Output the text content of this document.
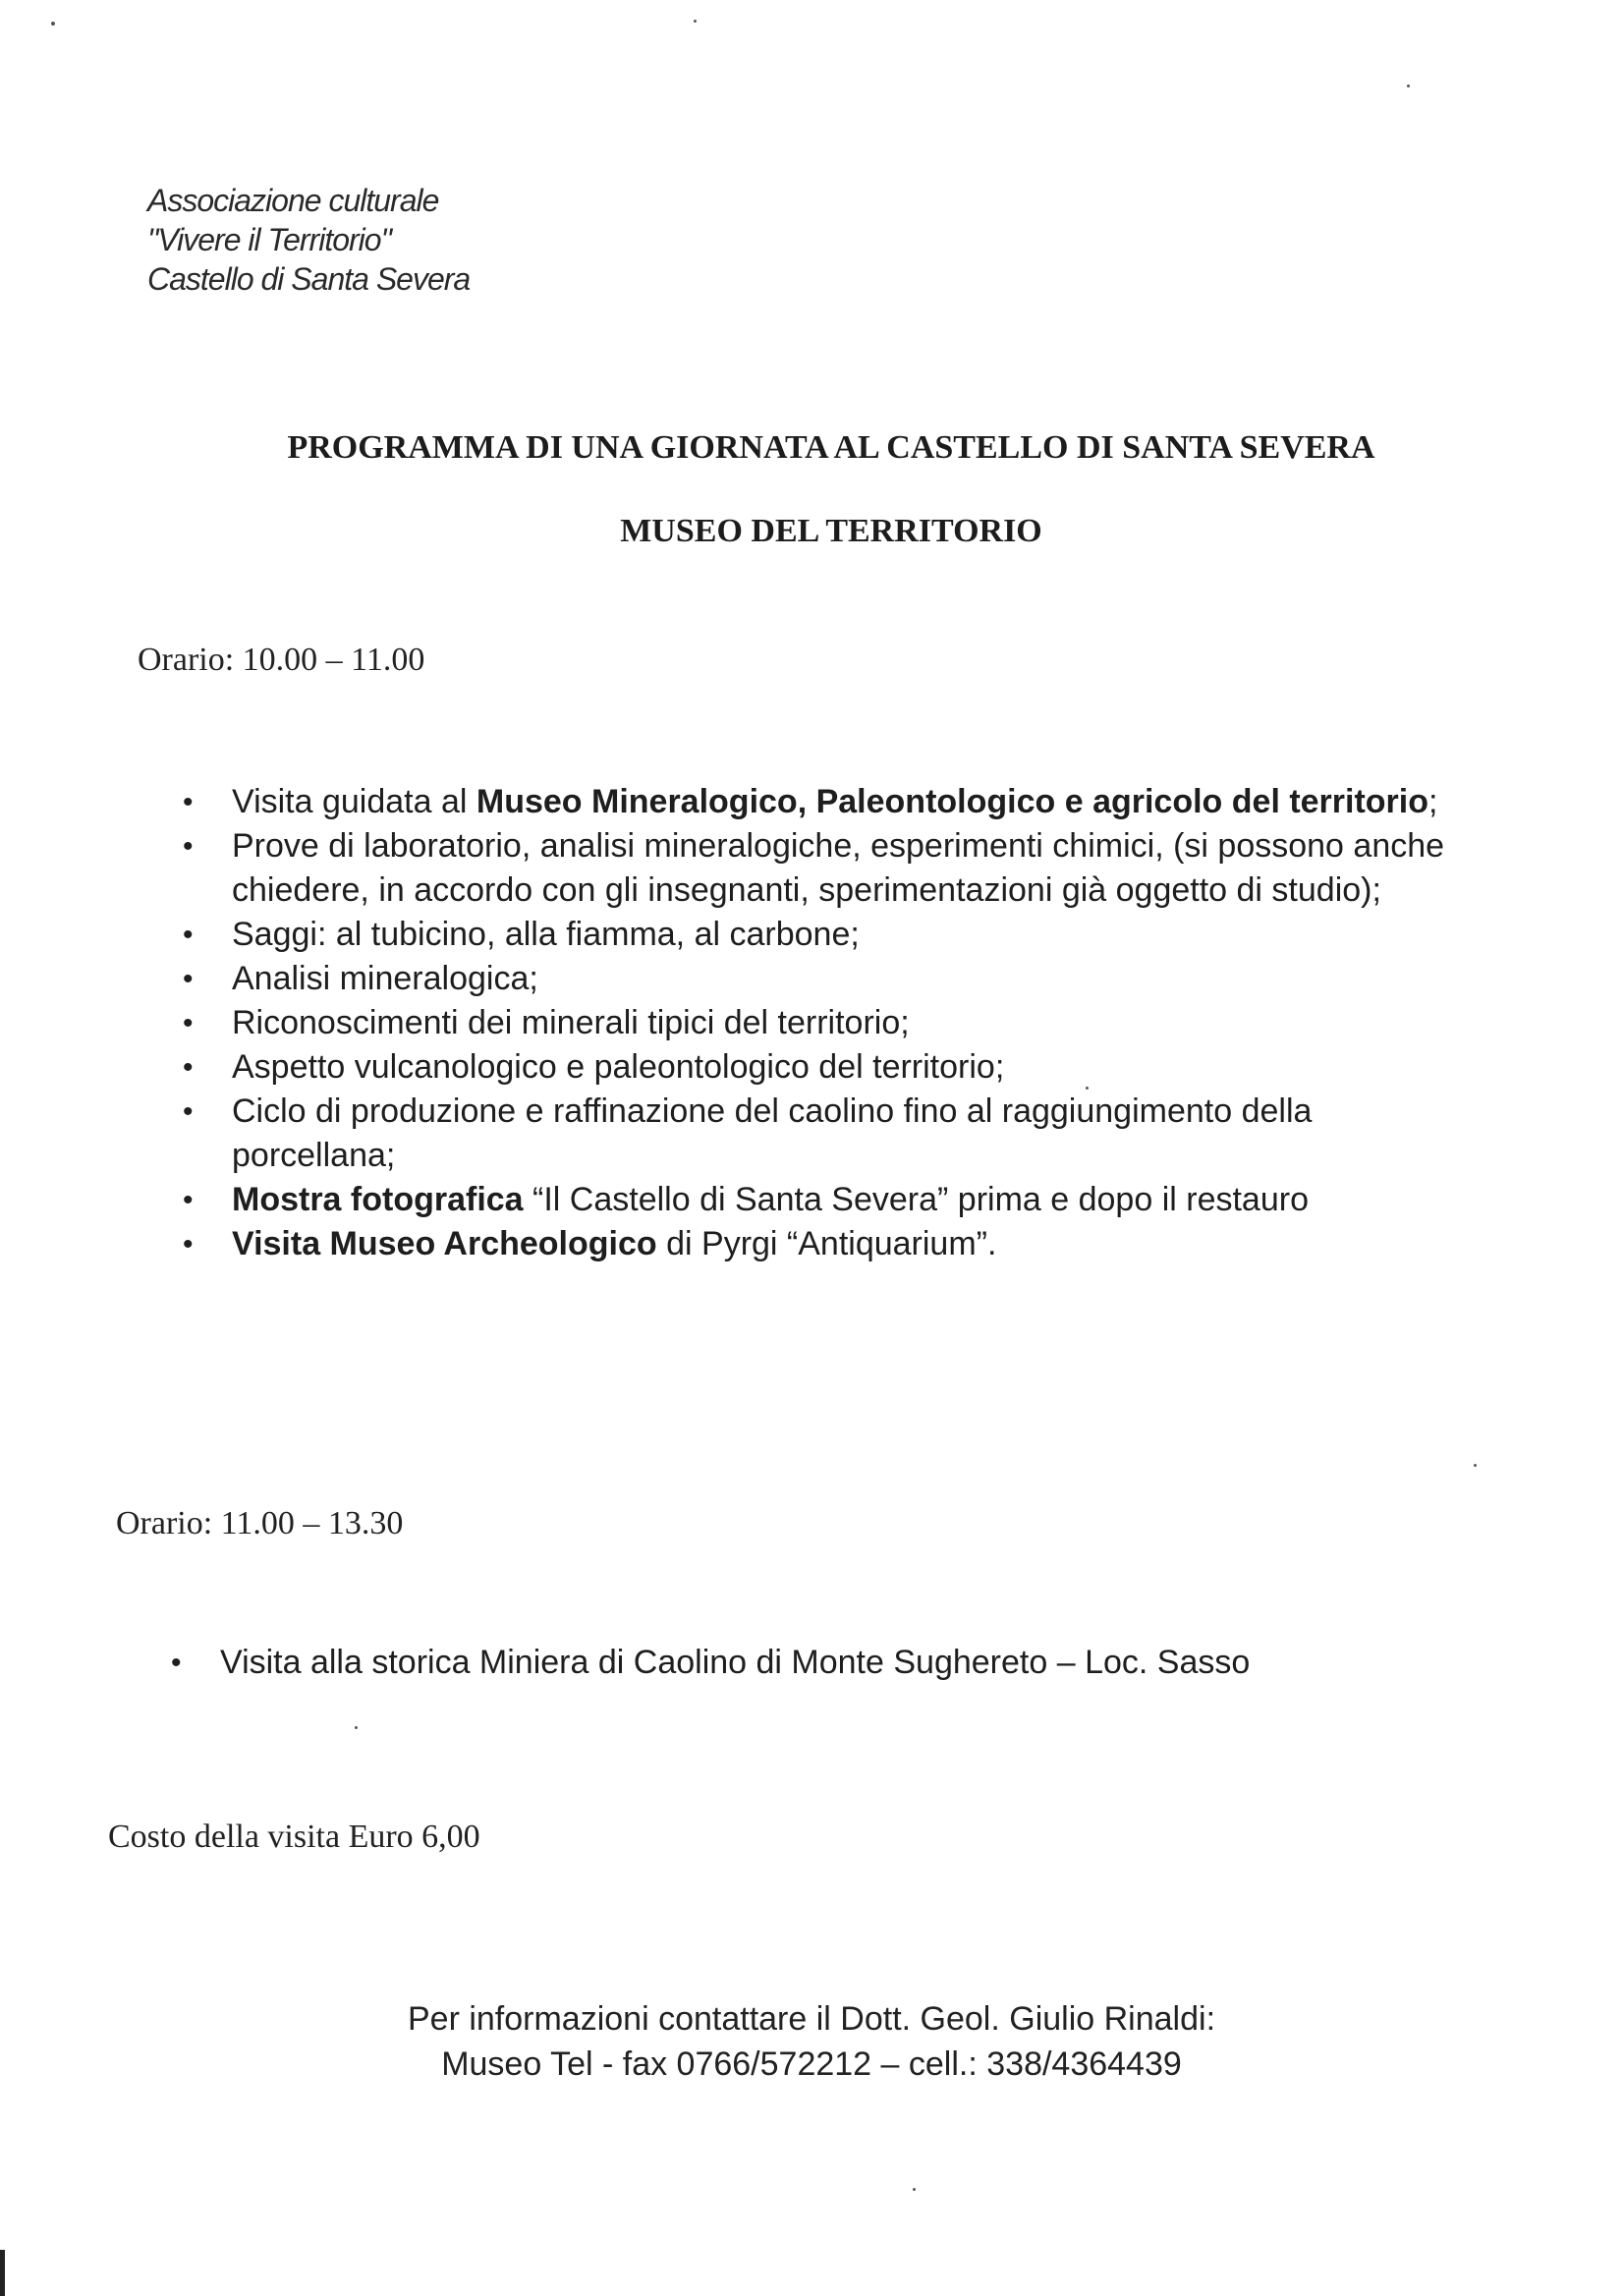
Associazione culturale
"Vivere il Territorio"
Castello di Santa Severa
PROGRAMMA DI UNA GIORNATA AL CASTELLO DI SANTA SEVERA
MUSEO DEL TERRITORIO
Orario: 10.00 – 11.00
• Visita guidata al Museo Mineralogico, Paleontologico e agricolo del territorio;
• Prove di laboratorio, analisi mineralogiche, esperimenti chimici, (si possono anche chiedere, in accordo con gli insegnanti, sperimentazioni già oggetto di studio);
• Saggi: al tubicino, alla fiamma, al carbone;
• Analisi mineralogica;
• Riconoscimenti dei minerali tipici del territorio;
• Aspetto vulcanologico e paleontologico del territorio;
• Ciclo di produzione e raffinazione del caolino fino al raggiungimento della porcellana;
• Mostra fotografica “Il Castello di Santa Severa” prima e dopo il restauro
• Visita Museo Archeologico di Pyrgi “Antiquarium”.
Orario: 11.00 – 13.30
• Visita alla storica Miniera di Caolino di Monte Sughereto – Loc. Sasso
Costo della visita Euro 6,00
Per informazioni contattare il Dott. Geol. Giulio Rinaldi:
Museo Tel - fax 0766/572212 – cell.: 338/4364439
